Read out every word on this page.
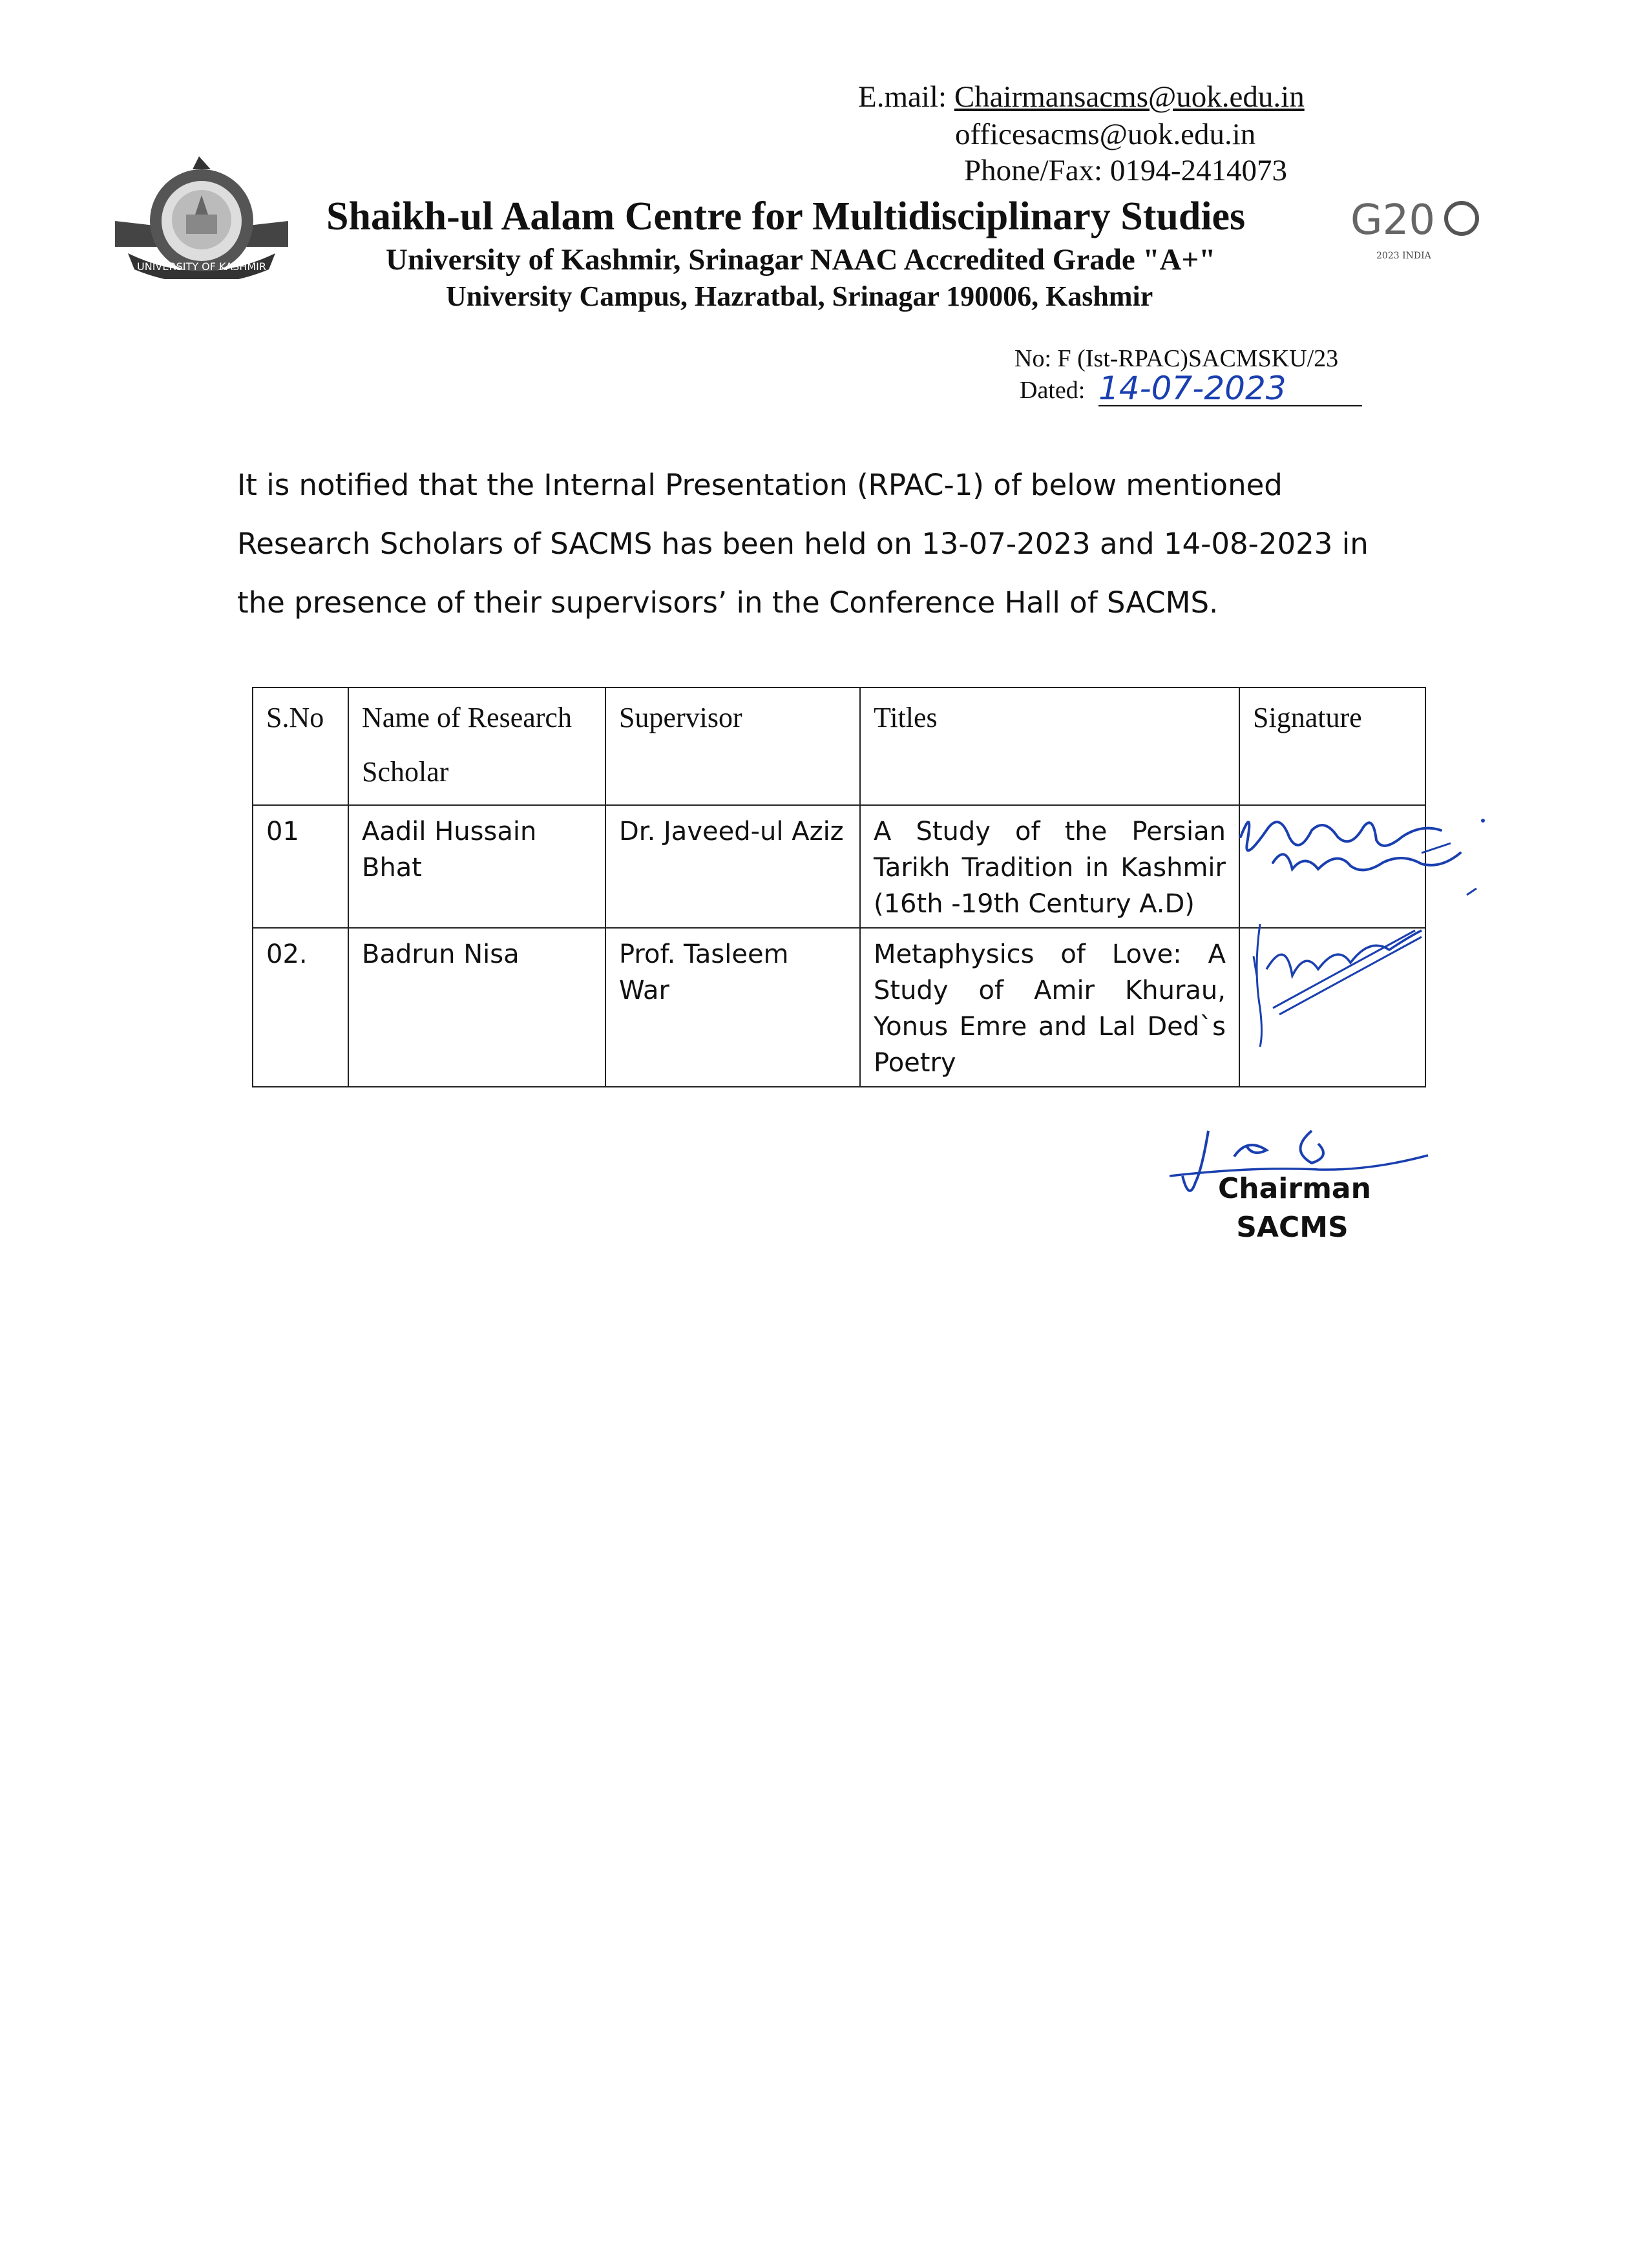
E.mail: Chairmansacms@uok.edu.in
officesacms@uok.edu.in
Phone/Fax: 0194-2414073
UNIVERSITY OF KASHMIR
Shaikh-ul Aalam Centre for Multidisciplinary Studies
University of Kashmir, Srinagar NAAC Accredited Grade "A+"
University Campus, Hazratbal, Srinagar 190006, Kashmir
G20
2023 INDIA
No: F (Ist-RPAC)SACMSKU/23
Dated: 14-07-2023
It is notified that the Internal Presentation (RPAC-1) of below mentioned Research Scholars of SACMS has been held on 13-07-2023 and 14-08-2023 in the presence of their supervisors’ in the Conference Hall of SACMS.
S.No	Name of Research Scholar	Supervisor	Titles	Signature
01	Aadil Hussain Bhat	Dr. Javeed-ul Aziz	A Study of the Persian Tarikh Tradition in Kashmir (16th -19th Century A.D)	
02.	Badrun Nisa	Prof. Tasleem War	Metaphysics of Love: A Study of Amir Khurau, Yonus Emre and Lal Ded`s Poetry	
Chairman
SACMS
